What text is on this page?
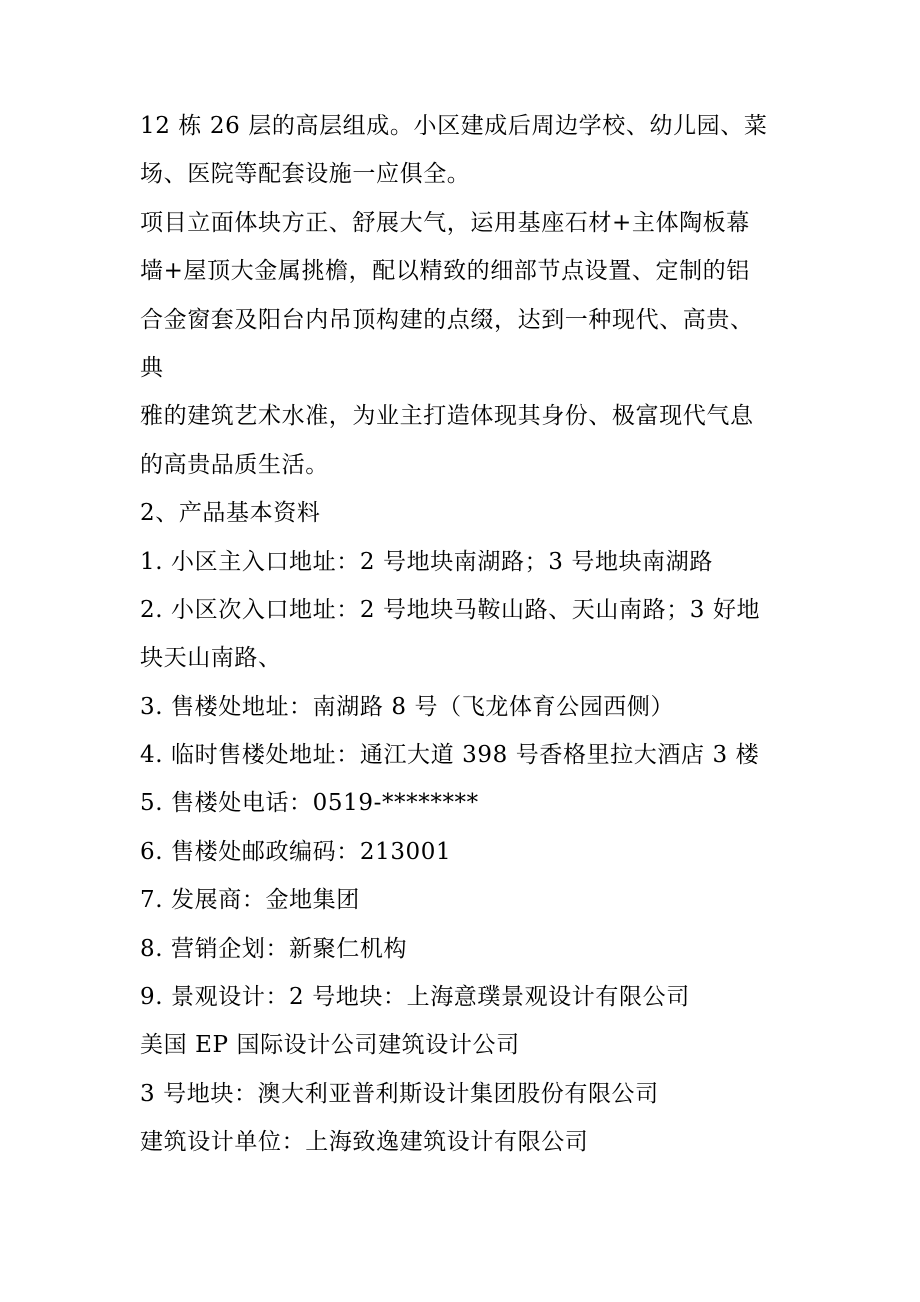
12 栋 26 层的高层组成。小区建成后周边学校、幼儿园、菜
场、医院等配套设施一应俱全。
项目立面体块方正、舒展大气，运用基座石材+主体陶板幕
墙+屋顶大金属挑檐，配以精致的细部节点设置、定制的铝
合金窗套及阳台内吊顶构建的点缀，达到一种现代、高贵、
典
雅的建筑艺术水准，为业主打造体现其身份、极富现代气息
的高贵品质生活。
2、产品基本资料
1. 小区主入口地址：2 号地块南湖路；3 号地块南湖路
2. 小区次入口地址：2 号地块马鞍山路、天山南路；3 好地
块天山南路、
3. 售楼处地址：南湖路 8 号（飞龙体育公园西侧）
4. 临时售楼处地址：通江大道 398 号香格里拉大酒店 3 楼
5. 售楼处电话：0519-********
6. 售楼处邮政编码：213001
7. 发展商：金地集团
8. 营销企划：新聚仁机构
9. 景观设计：2 号地块：上海意璞景观设计有限公司
美国 EP 国际设计公司建筑设计公司
3 号地块：澳大利亚普利斯设计集团股份有限公司
建筑设计单位：上海致逸建筑设计有限公司
